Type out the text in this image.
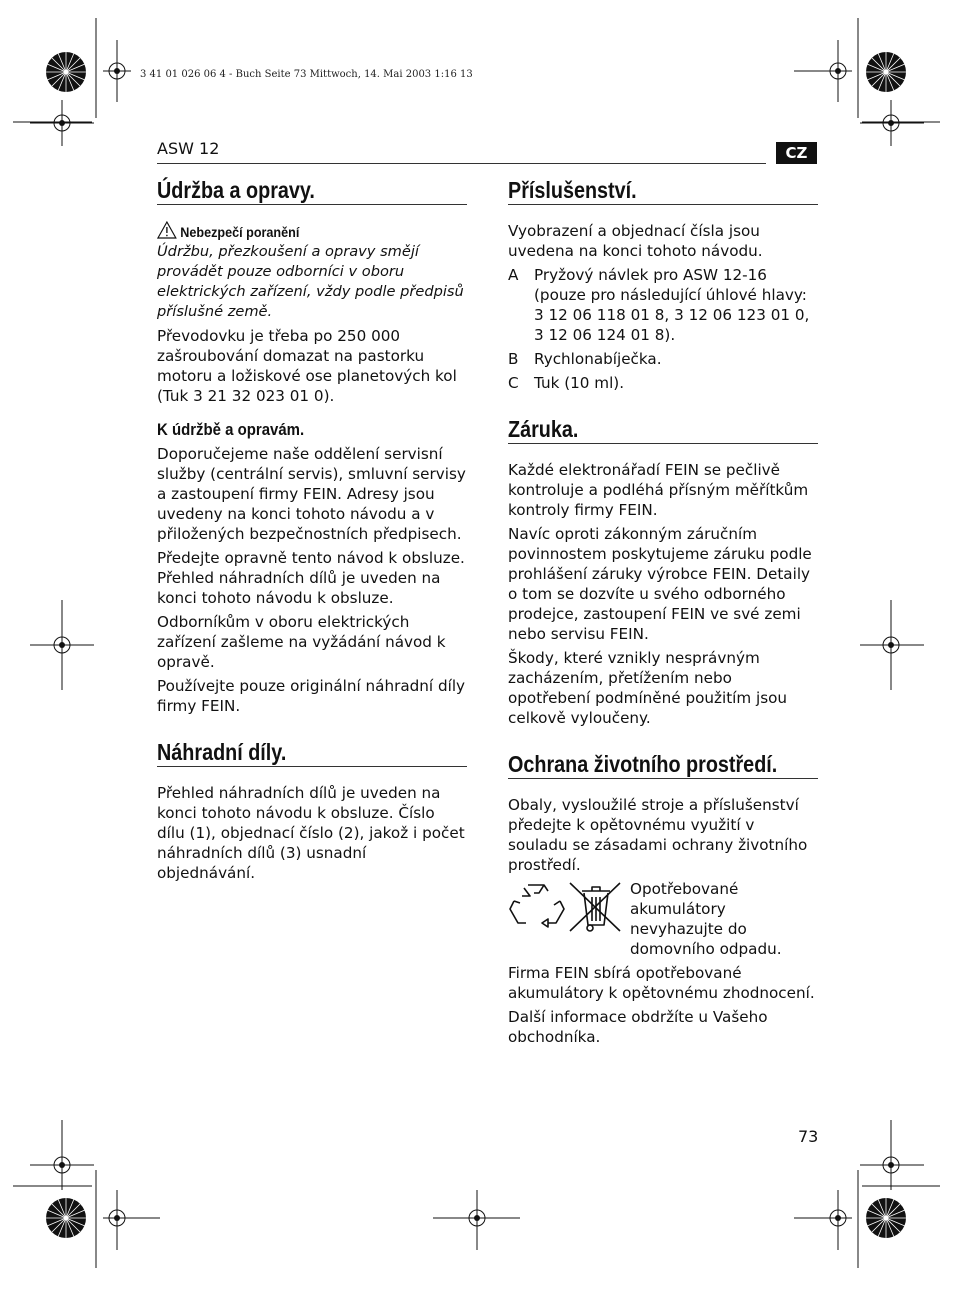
3 41 01 026 06 4 - Buch Seite 73 Mittwoch, 14. Mai 2003 1:16 13
ASW 12	CZ
Údržba a opravy.
Nebezpečí poranění

Údržbu, přezkoušení a opravy smějí provádět pouze odborníci v oboru elektrických zařízení, vždy podle předpisů příslušné země.

Převodovku je třeba po 250 000 zašroubování domazat na pastorku motoru a ložiskové ose planetových kol (Tuk 3 21 32 023 01 0).

K údržbě a opravám.

Doporučejeme naše oddělení servisní služby (centrální servis), smluvní servisy a zastoupení firmy FEIN. Adresy jsou uvedeny na konci tohoto návodu a v přiložených bezpečnostních předpisech.

Předejte opravně tento návod k obsluze. Přehled náhradních dílů je uveden na konci tohoto návodu k obsluze.

Odborníkům v oboru elektrických zařízení zašleme na vyžádání návod k opravě.

Používejte pouze originální náhradní díly firmy FEIN.

Náhradní díly.

Přehled náhradních dílů je uveden na konci tohoto návodu k obsluze. Číslo dílu (1), objednací číslo (2), jakož i počet náhradních dílů (3) usnadní objednávání.

Příslušenství.

Vyobrazení a objednací čísla jsou uvedena na konci tohoto návodu.

A	Pryžový návlek pro ASW 12-16 (pouze pro následující úhlové hlavy: 3 12 06 118 01 8, 3 12 06 123 01 0, 3 12 06 124 01 8).
B	Rychlonabíječka.
C	Tuk (10 ml).
Záruka.

Každé elektronářadí FEIN se pečlivě kontroluje a podléhá přísným měřítkům kontroly firmy FEIN.

Navíc oproti zákonným záručním povinnostem poskytujeme záruku podle prohlášení záruky výrobce FEIN. Detaily o tom se dozvíte u svého odborného prodejce, zastoupení FEIN ve své zemi nebo servisu FEIN.

Škody, které vznikly nesprávným zacházením, přetížením nebo opotřebení podmíněné použitím jsou celkově vyloučeny.

Ochrana životního prostředí.

Obaly, vysloužilé stroje a příslušenství předejte k opětovnému využití v souladu se zásadami ochrany životního prostředí.

Opotřebované akumulátory nevyhazujte do domovního odpadu.

Firma FEIN sbírá opotřebované akumulátory k opětovnému zhodnocení.

Další informace obdržíte u Vašeho obchodníka.

73
